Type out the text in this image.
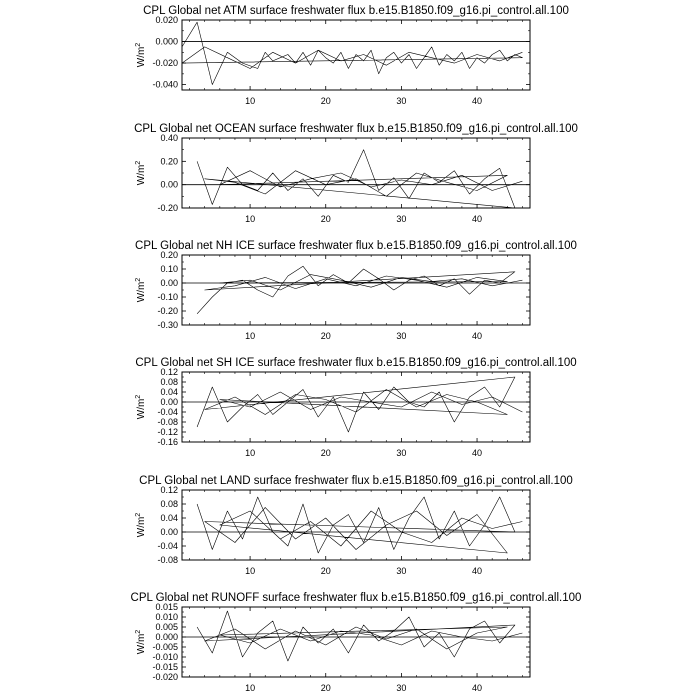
CPL Global net ATM surface freshwater flux b.e15.B1850.f09_g16.pi_control.all.100
0.020
0.000
-0.020
-0.040
10	20	30	40
$W/m^2$
CPL Global net OCEAN surface freshwater flux b.e15.B1850.f09_g16.pi_control.all.100
0.40
0.20
0.00
-0.20
10	20	30	40
$W/m^2$
CPL Global net NH ICE surface freshwater flux b.e15.B1850.f09_g16.pi_control.all.100
0.20
0.10
0.00
-0.10
-0.20
-0.30
10	20	30	40
$W/m^2$
CPL Global net SH ICE surface freshwater flux b.e15.B1850.f09_g16.pi_control.all.100
0.12
0.08
0.04
0.00
-0.04
-0.08
-0.12
-0.16
10	20	30	40
$W/m^2$
CPL Global net LAND surface freshwater flux b.e15.B1850.f09_g16.pi_control.all.100
0.12
0.08
0.04
0.00
-0.04
-0.08
10	20	30	40
$W/m^2$
CPL Global net RUNOFF surface freshwater flux b.e15.B1850.f09_g16.pi_control.all.100
0.015
0.010
0.005
0.000
-0.005
-0.010
-0.015
-0.020
10	20	30	40
$W/m^2$
